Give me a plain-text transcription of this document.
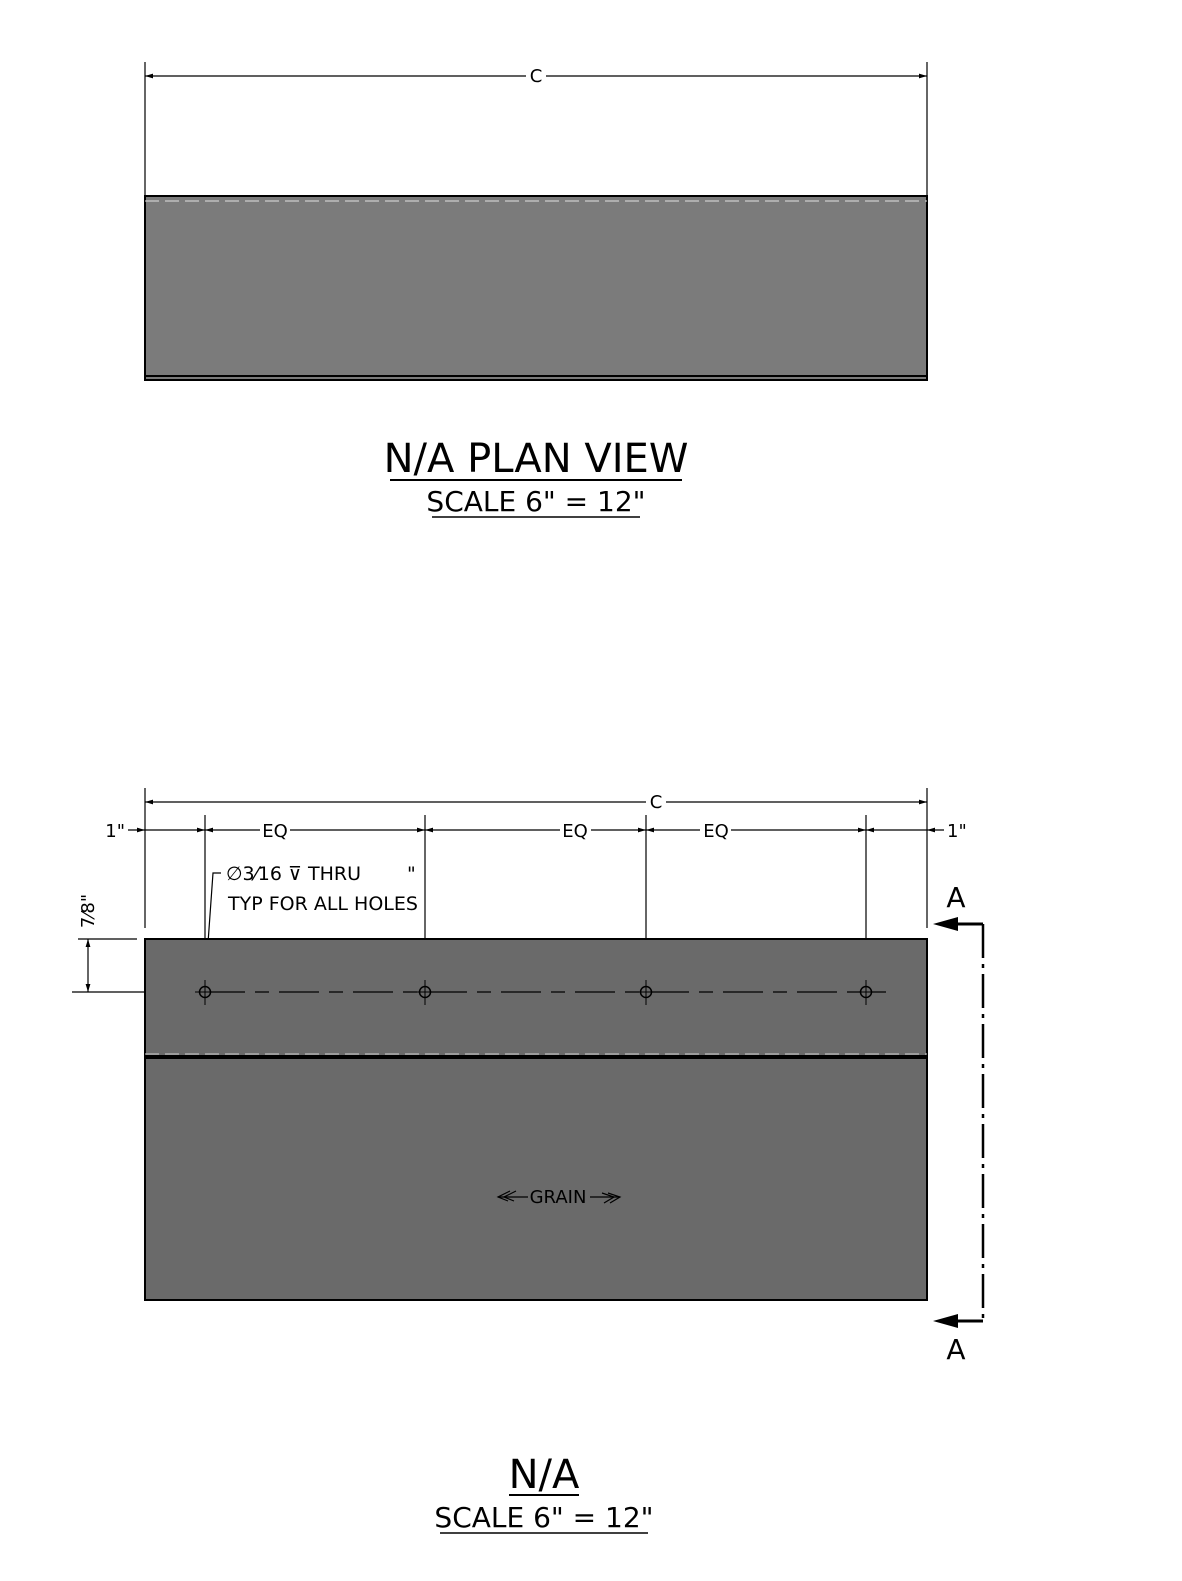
C
N/A PLAN VIEW
SCALE 6" = 12"
C
1"	EQ	EQ	EQ	1"
∅3⁄16 ⊽ THRU "
TYP FOR ALL HOLES
7⁄8"
GRAIN
A
A
N/A
SCALE 6" = 12"
